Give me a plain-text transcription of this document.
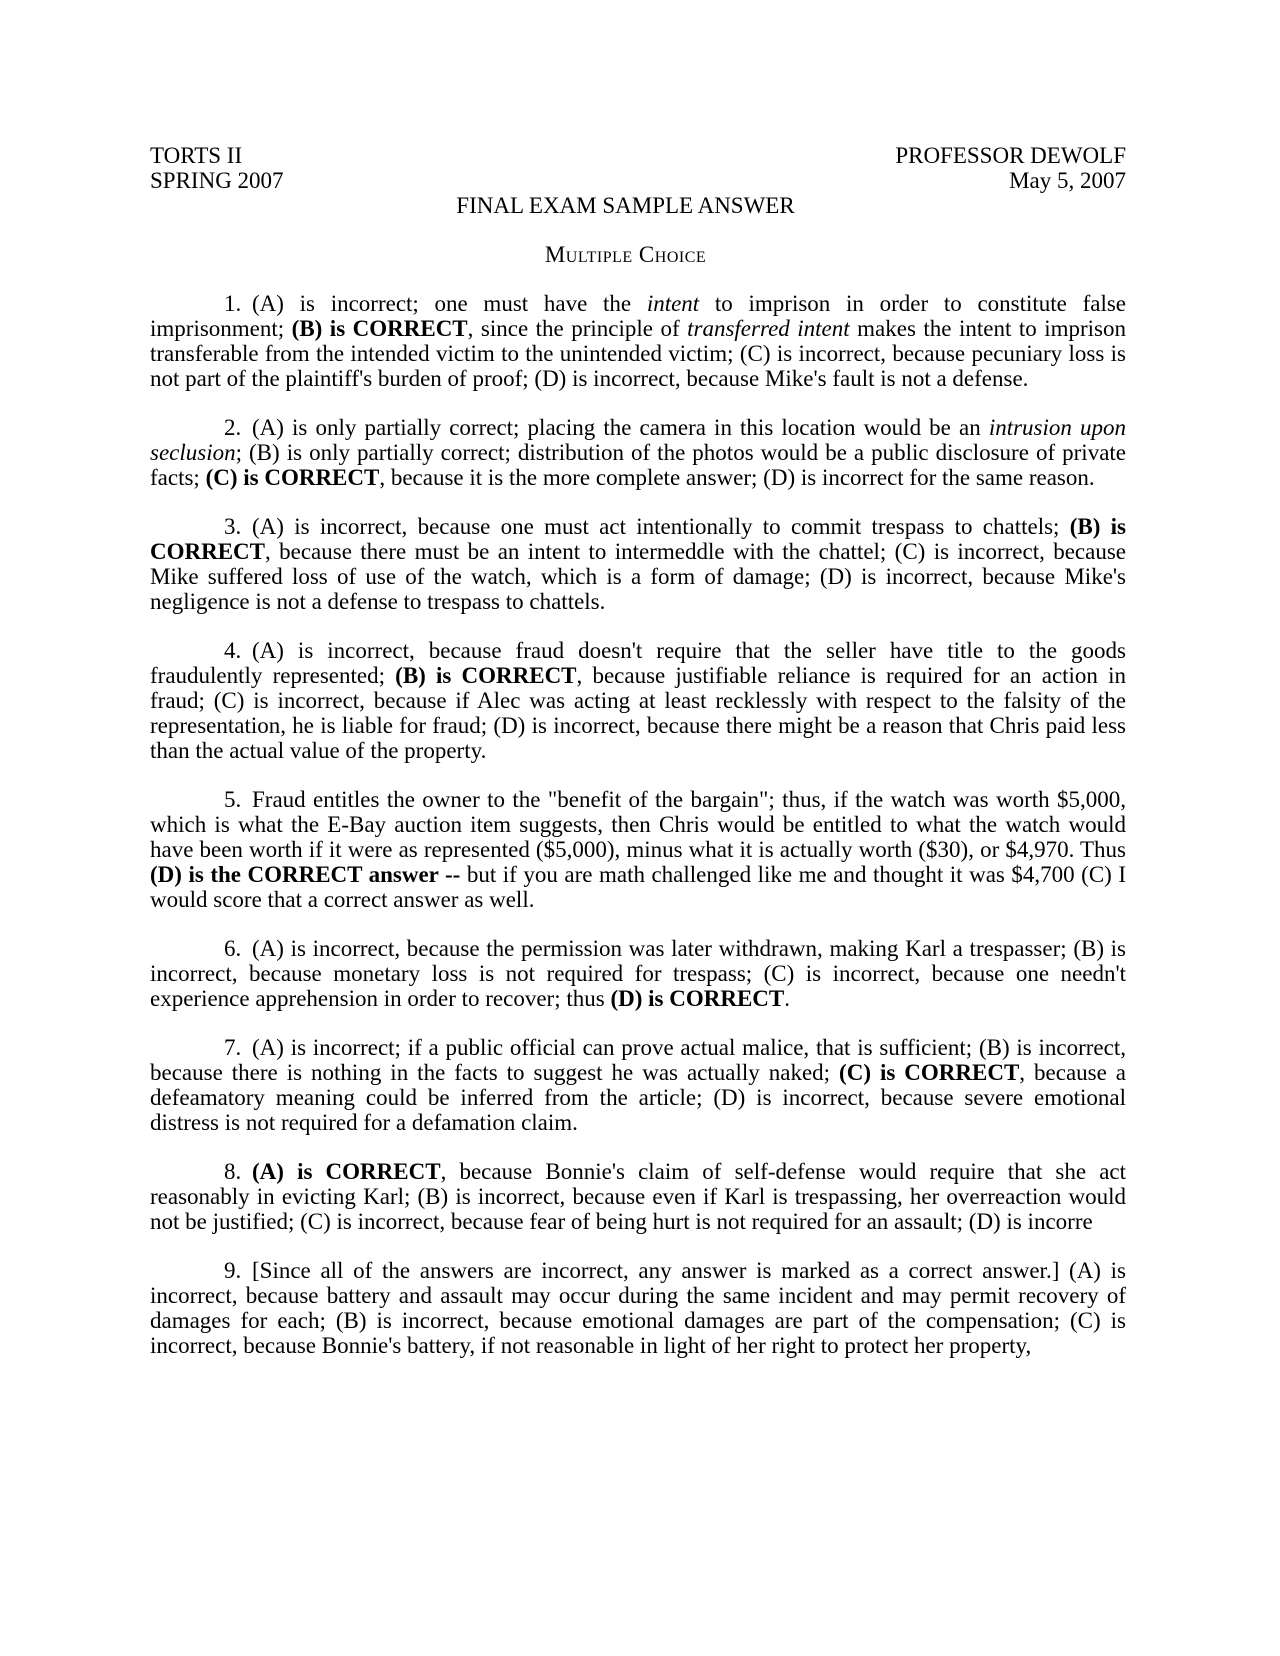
TORTS II	PROFESSOR DEWOLF
SPRING 2007	May 5, 2007
FINAL EXAM SAMPLE ANSWER
Multiple Choice
1. (A) is incorrect; one must have the intent to imprison in order to constitute false imprisonment; (B) is CORRECT, since the principle of transferred intent makes the intent to imprison transferable from the intended victim to the unintended victim; (C) is incorrect, because pecuniary loss is not part of the plaintiff's burden of proof; (D) is incorrect, because Mike's fault is not a defense.
2. (A) is only partially correct; placing the camera in this location would be an intrusion upon seclusion; (B) is only partially correct; distribution of the photos would be a public disclosure of private facts; (C) is CORRECT, because it is the more complete answer; (D) is incorrect for the same reason.
3. (A) is incorrect, because one must act intentionally to commit trespass to chattels; (B) is CORRECT, because there must be an intent to intermeddle with the chattel; (C) is incorrect, because Mike suffered loss of use of the watch, which is a form of damage; (D) is incorrect, because Mike's negligence is not a defense to trespass to chattels.
4. (A) is incorrect, because fraud doesn't require that the seller have title to the goods fraudulently represented; (B) is CORRECT, because justifiable reliance is required for an action in fraud; (C) is incorrect, because if Alec was acting at least recklessly with respect to the falsity of the representation, he is liable for fraud; (D) is incorrect, because there might be a reason that Chris paid less than the actual value of the property.
5. Fraud entitles the owner to the "benefit of the bargain"; thus, if the watch was worth $5,000, which is what the E-Bay auction item suggests, then Chris would be entitled to what the watch would have been worth if it were as represented ($5,000), minus what it is actually worth ($30), or $4,970. Thus (D) is the CORRECT answer -- but if you are math challenged like me and thought it was $4,700 (C) I would score that a correct answer as well.
6. (A) is incorrect, because the permission was later withdrawn, making Karl a trespasser; (B) is incorrect, because monetary loss is not required for trespass; (C) is incorrect, because one needn't experience apprehension in order to recover; thus (D) is CORRECT.
7. (A) is incorrect; if a public official can prove actual malice, that is sufficient; (B) is incorrect, because there is nothing in the facts to suggest he was actually naked; (C) is CORRECT, because a defeamatory meaning could be inferred from the article; (D) is incorrect, because severe emotional distress is not required for a defamation claim.
8. (A) is CORRECT, because Bonnie's claim of self-defense would require that she act reasonably in evicting Karl; (B) is incorrect, because even if Karl is trespassing, her overreaction would not be justified; (C) is incorrect, because fear of being hurt is not required for an assault; (D) is incorre
9. [Since all of the answers are incorrect, any answer is marked as a correct answer.] (A) is incorrect, because battery and assault may occur during the same incident and may permit recovery of damages for each; (B) is incorrect, because emotional damages are part of the compensation; (C) is incorrect, because Bonnie's battery, if not reasonable in light of her right to protect her property,
